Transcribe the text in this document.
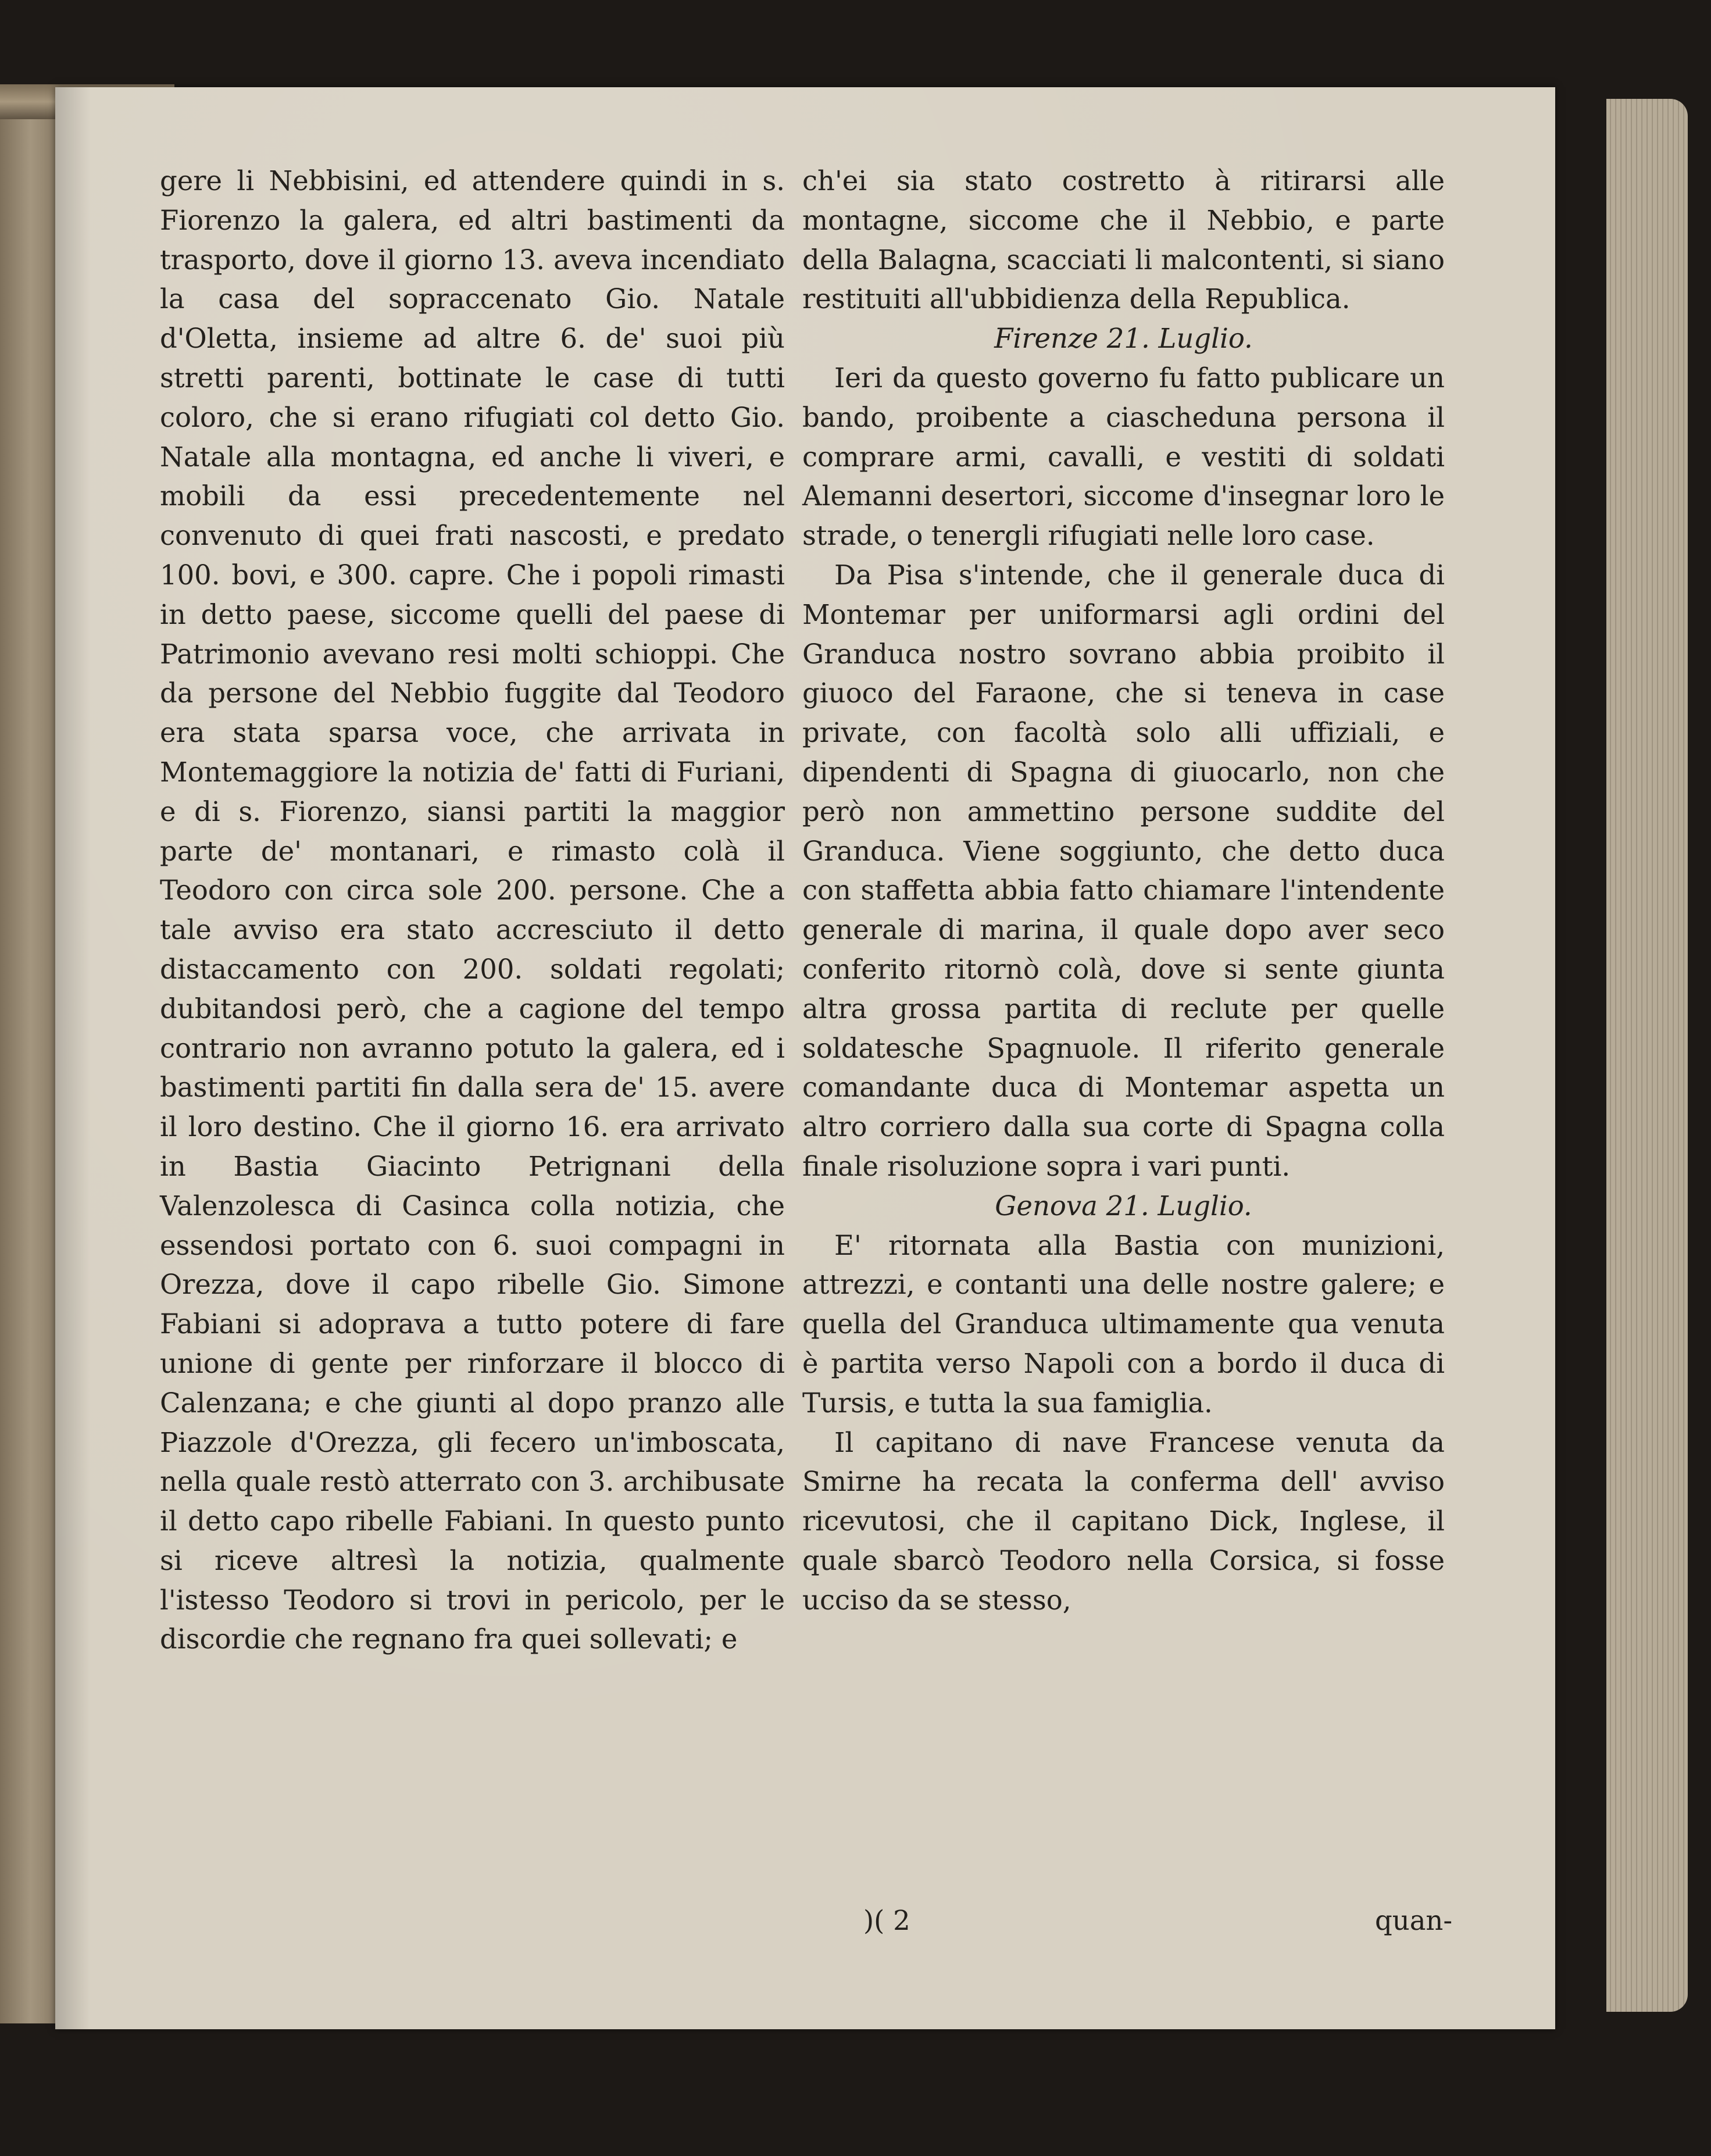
gere li Nebbisini, ed attendere quindi in s. Fiorenzo la galera, ed altri bastimenti da trasporto, dove il giorno 13. aveva incendiato la casa del sopraccenato Gio. Natale d'Oletta, insieme ad altre 6. de' suoi più stretti parenti, bottinate le case di tutti coloro, che si erano rifugiati col detto Gio. Natale alla montagna, ed anche li viveri, e mobili da essi precedentemente nel convenuto di quei frati nascosti, e predato 100. bovi, e 300. capre. Che i popoli rimasti in detto paese, siccome quelli del paese di Patrimonio avevano resi molti schioppi. Che da persone del Nebbio fuggite dal Teodoro era stata sparsa voce, che arrivata in Montemaggiore la notizia de' fatti di Furiani, e di s. Fiorenzo, siansi partiti la maggior parte de' montanari, e rimasto colà il Teodoro con circa sole 200. persone. Che a tale avviso era stato accresciuto il detto distaccamento con 200. soldati regolati; dubitandosi però, che a cagione del tempo contrario non avranno potuto la galera, ed i bastimenti partiti fin dalla sera de' 15. avere il loro destino. Che il giorno 16. era arrivato in Bastia Giacinto Petrignani della Valenzolesca di Casinca colla notizia, che essendosi portato con 6. suoi compagni in Orezza, dove il capo ribelle Gio. Simone Fabiani si adoprava a tutto potere di fare unione di gente per rinforzare il blocco di Calenzana; e che giunti al dopo pranzo alle Piazzole d'Orezza, gli fecero un'imboscata, nella quale restò atterrato con 3. archibusate il detto capo ribelle Fabiani. In questo punto si riceve altresì la notizia, qualmente l'istesso Teodoro si trovi in pericolo, per le discordie che regnano fra quei sollevati; e

ch'ei sia stato costretto à ritirarsi alle montagne, siccome che il Nebbio, e parte della Balagna, scacciati li malcontenti, si siano restituiti all'ubbidienza della Republica.

Firenze 21. Luglio.

Ieri da questo governo fu fatto publicare un bando, proibente a ciascheduna persona il comprare armi, cavalli, e vestiti di soldati Alemanni desertori, siccome d'insegnar loro le strade, o tenergli rifugiati nelle loro case.

Da Pisa s'intende, che il generale duca di Montemar per uniformarsi agli ordini del Granduca nostro sovrano abbia proibito il giuoco del Faraone, che si teneva in case private, con facoltà solo alli uffiziali, e dipendenti di Spagna di giuocarlo, non che però non ammettino persone suddite del Granduca. Viene soggiunto, che detto duca con staffetta abbia fatto chiamare l'intendente generale di marina, il quale dopo aver seco conferito ritornò colà, dove si sente giunta altra grossa partita di reclute per quelle soldatesche Spagnuole. Il riferito generale comandante duca di Montemar aspetta un altro corriero dalla sua corte di Spagna colla finale risoluzione sopra i vari punti.

Genova 21. Luglio.

E' ritornata alla Bastia con munizioni, attrezzi, e contanti una delle nostre galere; e quella del Granduca ultimamente qua venuta è partita verso Napoli con a bordo il duca di Tursis, e tutta la sua famiglia.

Il capitano di nave Francese venuta da Smirne ha recata la conferma dell' avviso ricevutosi, che il capitano Dick, Inglese, il quale sbarcò Teodoro nella Corsica, si fosse ucciso da se stesso,

)( 2	quan-
